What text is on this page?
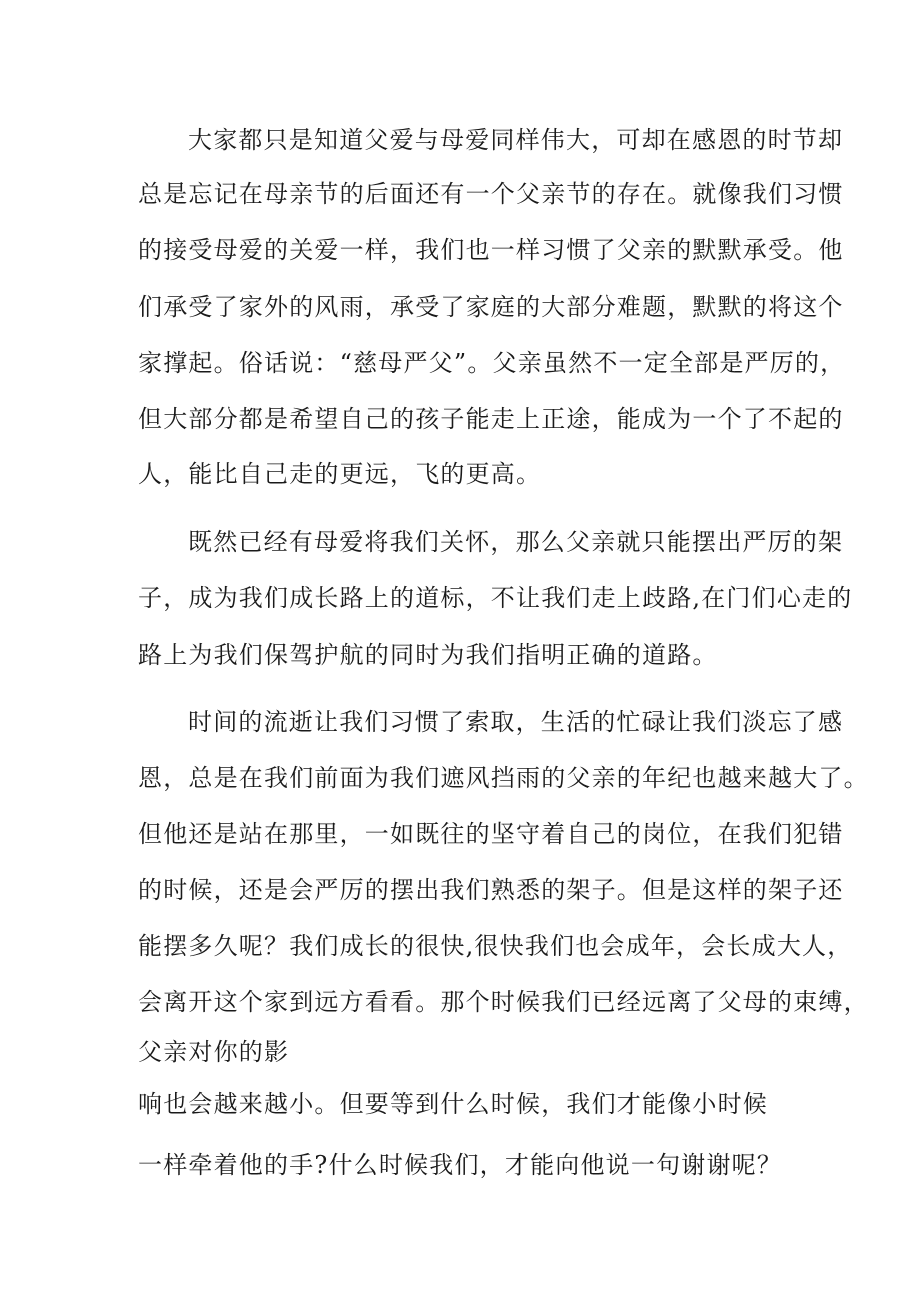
大家都只是知道父爱与母爱同样伟大，可却在感恩的时节却
总是忘记在母亲节的后面还有一个父亲节的存在。就像我们习惯
的接受母爱的关爱一样，我们也一样习惯了父亲的默默承受。他
们承受了家外的风雨，承受了家庭的大部分难题，默默的将这个
家撑起。俗话说：“慈母严父”。父亲虽然不一定全部是严厉的，
但大部分都是希望自己的孩子能走上正途，能成为一个了不起的
人，能比自己走的更远，飞的更高。
既然已经有母爱将我们关怀，那么父亲就只能摆出严厉的架
子，成为我们成长路上的道标，不让我们走上歧路,在门们心走的
路上为我们保驾护航的同时为我们指明正确的道路。
时间的流逝让我们习惯了索取，生活的忙碌让我们淡忘了感
恩，总是在我们前面为我们遮风挡雨的父亲的年纪也越来越大了。
但他还是站在那里，一如既往的坚守着自己的岗位，在我们犯错
的时候，还是会严厉的摆出我们熟悉的架子。但是这样的架子还
能摆多久呢？我们成长的很快,很快我们也会成年，会长成大人，
会离开这个家到远方看看。那个时候我们已经远离了父母的束缚，
父亲对你的影
响也会越来越小。但要等到什么时候，我们才能像小时候
一样牵着他的手?什么时候我们，才能向他说一句谢谢呢？
